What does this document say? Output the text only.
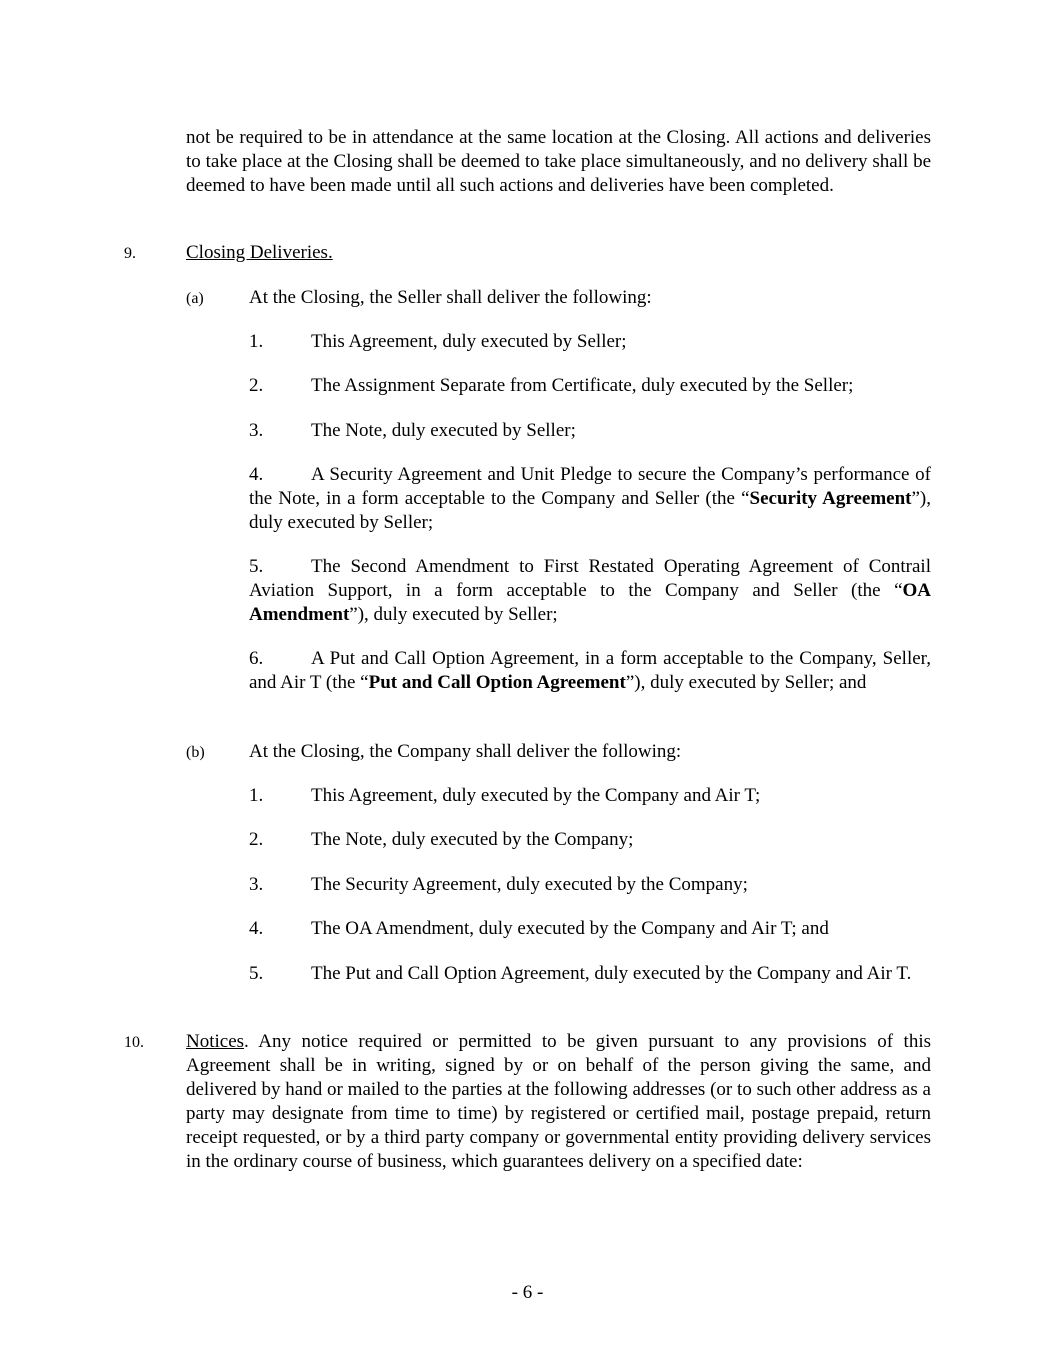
not be required to be in attendance at the same location at the Closing. All actions and deliveries to take place at the Closing shall be deemed to take place simultaneously, and no delivery shall be deemed to have been made until all such actions and deliveries have been completed.
9.	Closing Deliveries.
(a) At the Closing, the Seller shall deliver the following:
1.	This Agreement, duly executed by Seller;
2.	The Assignment Separate from Certificate, duly executed by the Seller;
3.	The Note, duly executed by Seller;
4.	A Security Agreement and Unit Pledge to secure the Company’s performance of the Note, in a form acceptable to the Company and Seller (the “Security Agreement”), duly executed by Seller;
5.	The Second Amendment to First Restated Operating Agreement of Contrail Aviation Support, in a form acceptable to the Company and Seller (the “OA Amendment”), duly executed by Seller;
6.	A Put and Call Option Agreement, in a form acceptable to the Company, Seller, and Air T (the “Put and Call Option Agreement”), duly executed by Seller; and
(b) At the Closing, the Company shall deliver the following:
1.	This Agreement, duly executed by the Company and Air T;
2.	The Note, duly executed by the Company;
3.	The Security Agreement, duly executed by the Company;
4.	The OA Amendment, duly executed by the Company and Air T; and
5.	The Put and Call Option Agreement, duly executed by the Company and Air T.
10. Notices. Any notice required or permitted to be given pursuant to any provisions of this Agreement shall be in writing, signed by or on behalf of the person giving the same, and delivered by hand or mailed to the parties at the following addresses (or to such other address as a party may designate from time to time) by registered or certified mail, postage prepaid, return receipt requested, or by a third party company or governmental entity providing delivery services in the ordinary course of business, which guarantees delivery on a specified date:
- 6 -
